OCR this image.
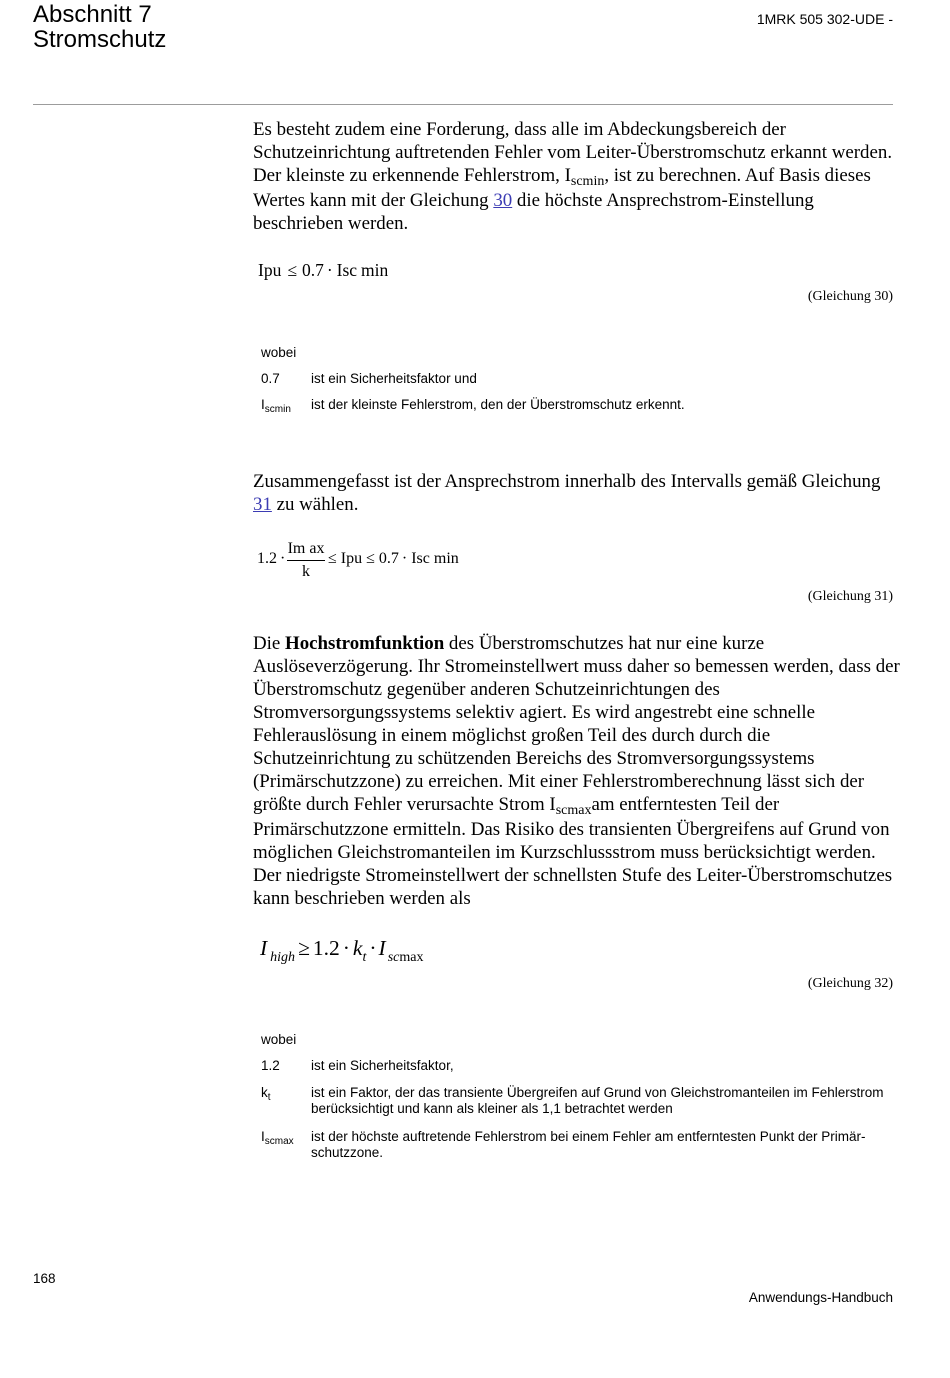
Abschnitt 7
Stromschutz
1MRK 505 302-UDE -
Es besteht zudem eine Forderung, dass alle im Abdeckungsbereich der
Schutzeinrichtung auftretenden Fehler vom Leiter-Überstromschutz erkannt werden.
Der kleinste zu erkennende Fehlerstrom, $I_{scmin}$, ist zu berechnen. Auf Basis dieses
Wertes kann mit der Gleichung 30 die höchste Ansprechstrom-Einstellung
beschrieben werden.
Ipu ≤ 0.7 · Isc min
(Gleichung 30)
wobei
0.7 ist ein Sicherheitsfaktor und
$I_{scmin}$ ist der kleinste Fehlerstrom, den der Überstromschutz erkennt.
Zusammengefasst ist der Ansprechstrom innerhalb des Intervalls gemäß Gleichung
31 zu wählen.
1.2 ·
Im ax
k
≤ Ipu ≤ 0.7 · Isc min
(Gleichung 31)
Die Hochstromfunktion des Überstromschutzes hat nur eine kurze
Auslöseverzögerung. Ihr Stromeinstellwert muss daher so bemessen werden, dass der
Überstromschutz gegenüber anderen Schutzeinrichtungen des
Stromversorgungssystems selektiv agiert. Es wird angestrebt eine schnelle
Fehlerauslösung in einem möglichst großen Teil des durch durch die
Schutzeinrichtung zu schützenden Bereichs des Stromversorgungssystems
(Primärschutzzone) zu erreichen. Mit einer Fehlerstromberechnung lässt sich der
größte durch Fehler verursachte Strom $I_{scmax}am$ entferntesten Teil der
Primärschutzzone ermitteln. Das Risiko des transienten Übergreifens auf Grund von
möglichen Gleichstromanteilen im Kurzschlussstrom muss berücksichtigt werden.
Der niedrigste Stromeinstellwert der schnellsten Stufe des Leiter-Überstromschutzes
kann beschrieben werden als
I $_{high} \ge 1.2 \cdot k_t \cdot I$ $_{scmax}$
(Gleichung 32)
wobei
1.2 ist ein Sicherheitsfaktor,
$k_t$	ist ein Faktor, der das transiente Übergreifen auf Grund von Gleichstromanteilen im Fehlerstrom
berücksichtigt und kann als kleiner als 1,1 betrachtet werden
$I_{scmax}$ ist der höchste auftretende Fehlerstrom bei einem Fehler am entferntesten Punkt der Primär-
schutzzone.
168
Anwendungs-Handbuch
